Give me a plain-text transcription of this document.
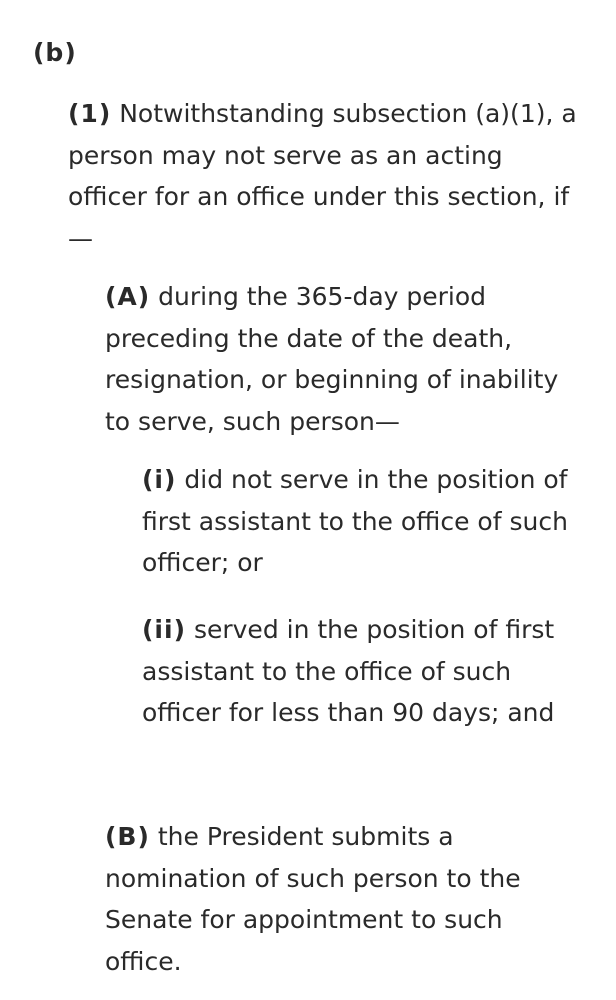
(b)

(1) Notwithstanding subsection (a)(1), a person may not serve as an acting officer for an office under this section, if—

(A) during the 365-day period preceding the date of the death, resignation, or beginning of inability to serve, such person—

(i) did not serve in the position of first assistant to the office of such officer; or

(ii) served in the position of first assistant to the office of such officer for less than 90 days; and

(B) the President submits a nomination of such person to the Senate for appointment to such office.
